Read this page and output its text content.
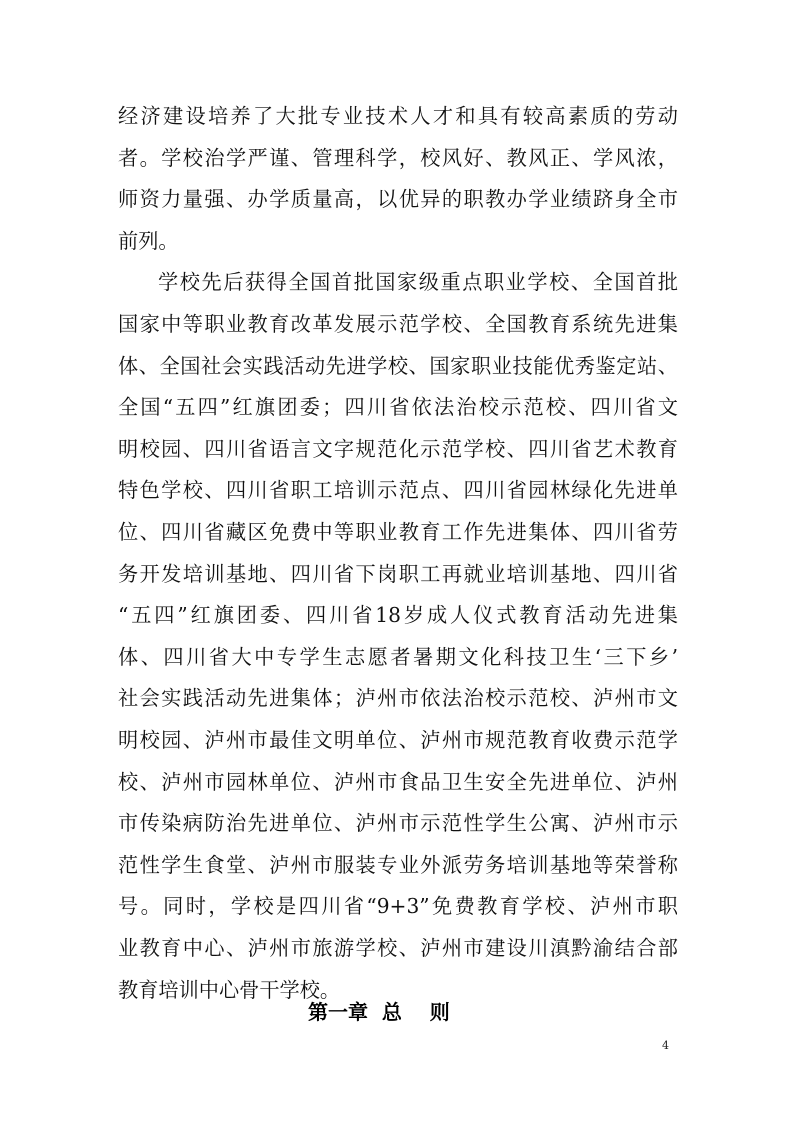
经济建设培养了大批专业技术人才和具有较高素质的劳动
者。学校治学严谨、管理科学，校风好、教风正、学风浓，
师资力量强、办学质量高，以优异的职教办学业绩跻身全市
前列。
学校先后获得全国首批国家级重点职业学校、全国首批
国家中等职业教育改革发展示范学校、全国教育系统先进集
体、全国社会实践活动先进学校、国家职业技能优秀鉴定站、
全国“五四”红旗团委；四川省依法治校示范校、四川省文
明校园、四川省语言文字规范化示范学校、四川省艺术教育
特色学校、四川省职工培训示范点、四川省园林绿化先进单
位、四川省藏区免费中等职业教育工作先进集体、四川省劳
务开发培训基地、四川省下岗职工再就业培训基地、四川省
“五四”红旗团委、四川省18岁成人仪式教育活动先进集
体、四川省大中专学生志愿者暑期文化科技卫生‘三下乡’
社会实践活动先进集体；泸州市依法治校示范校、泸州市文
明校园、泸州市最佳文明单位、泸州市规范教育收费示范学
校、泸州市园林单位、泸州市食品卫生安全先进单位、泸州
市传染病防治先进单位、泸州市示范性学生公寓、泸州市示
范性学生食堂、泸州市服装专业外派劳务培训基地等荣誉称
号。同时，学校是四川省“9+3”免费教育学校、泸州市职
业教育中心、泸州市旅游学校、泸州市建设川滇黔渝结合部
教育培训中心骨干学校。
第一章  总    则
4
